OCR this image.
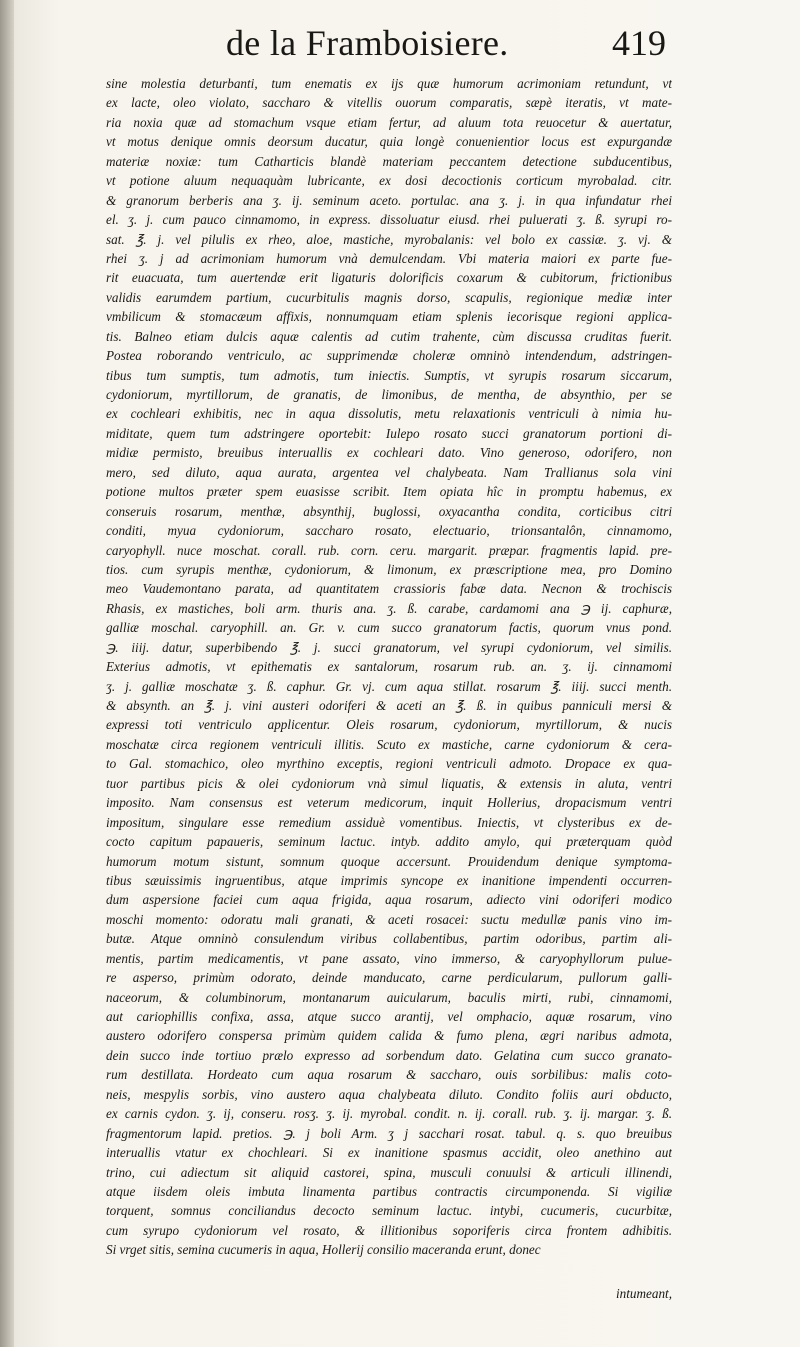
de la Framboisiere.	419
sine molestia deturbanti, tum enematis ex ijs quæ humorum acrimoniam retundunt, vt
ex lacte, oleo violato, saccharo & vitellis ouorum comparatis, sæpè iteratis, vt mate-
ria noxia quæ ad stomachum vsque etiam fertur, ad aluum tota reuocetur & auertatur,
vt motus denique omnis deorsum ducatur, quia longè conuenientior locus est expurgandæ
materiæ noxiæ: tum Catharticis blandè materiam peccantem detectione subducentibus,
vt potione aluum nequaquàm lubricante, ex dosi decoctionis corticum myrobalad. citr.
& granorum berberis ana ʒ. ij. seminum aceto. portulac. ana ʒ. j. in qua infundatur rhei
el. ʒ. j. cum pauco cinnamomo, in express. dissoluatur eiusd. rhei puluerati ʒ. ß. syrupi ro-
sat. ℥. j. vel pilulis ex rheo, aloe, mastiche, myrobalanis: vel bolo ex cassiæ. ʒ. vj. &
rhei ʒ. j ad acrimoniam humorum vnà demulcendam. Vbi materia maiori ex parte fue-
rit euacuata, tum auertendæ erit ligaturis dolorificis coxarum & cubitorum, frictionibus
validis earumdem partium, cucurbitulis magnis dorso, scapulis, regionique mediæ inter
vmbilicum & stomacæum affixis, nonnumquam etiam splenis iecorisque regioni applica-
tis. Balneo etiam dulcis aquæ calentis ad cutim trahente, cùm discussa cruditas fuerit.
Postea roborando ventriculo, ac supprimendæ choleræ omninò intendendum, adstringen-
tibus tum sumptis, tum admotis, tum iniectis. Sumptis, vt syrupis rosarum siccarum,
cydoniorum, myrtillorum, de granatis, de limonibus, de mentha, de absynthio, per se
ex cochleari exhibitis, nec in aqua dissolutis, metu relaxationis ventriculi à nimia hu-
miditate, quem tum adstringere oportebit: Iulepo rosato succi granatorum portioni di-
midiæ permisto, breuibus interuallis ex cochleari dato. Vino generoso, odorifero, non
mero, sed diluto, aqua aurata, argentea vel chalybeata. Nam Trallianus sola vini
potione multos præter spem euasisse scribit. Item opiata hîc in promptu habemus, ex
conseruis rosarum, menthæ, absynthij, buglossi, oxyacantha condita, corticibus citri
conditi, myua cydoniorum, saccharo rosato, electuario, trionsantalôn, cinnamomo,
caryophyll. nuce moschat. corall. rub. corn. ceru. margarit. præpar. fragmentis lapid. pre-
tios. cum syrupis menthæ, cydoniorum, & limonum, ex præscriptione mea, pro Domino
meo Vaudemontano parata, ad quantitatem crassioris fabæ data. Necnon & trochiscis
Rhasis, ex mastiches, boli arm. thuris ana. ʒ. ß. carabe, cardamomi ana ℈ ij. caphuræ,
galliæ moschal. caryophill. an. Gr. v. cum succo granatorum factis, quorum vnus pond.
℈. iiij. datur, superbibendo ℥. j. succi granatorum, vel syrupi cydoniorum, vel similis.
Exterius admotis, vt epithematis ex santalorum, rosarum rub. an. ʒ. ij. cinnamomi
ʒ. j. galliæ moschatæ ʒ. ß. caphur. Gr. vj. cum aqua stillat. rosarum ℥. iiij. succi menth.
& absynth. an ℥. j. vini austeri odoriferi & aceti an ℥. ß. in quibus panniculi mersi &
expressi toti ventriculo applicentur. Oleis rosarum, cydoniorum, myrtillorum, & nucis
moschatæ circa regionem ventriculi illitis. Scuto ex mastiche, carne cydoniorum & cera-
to Gal. stomachico, oleo myrthino exceptis, regioni ventriculi admoto. Dropace ex qua-
tuor partibus picis & olei cydoniorum vnà simul liquatis, & extensis in aluta, ventri
imposito. Nam consensus est veterum medicorum, inquit Hollerius, dropacismum ventri
impositum, singulare esse remedium assiduè vomentibus. Iniectis, vt clysteribus ex de-
cocto capitum papaueris, seminum lactuc. intyb. addito amylo, qui præterquam quòd
humorum motum sistunt, somnum quoque accersunt. Prouidendum denique symptoma-
tibus sæuissimis ingruentibus, atque imprimis syncope ex inanitione impendenti occurren-
dum aspersione faciei cum aqua frigida, aqua rosarum, adiecto vini odoriferi modico
moschi momento: odoratu mali granati, & aceti rosacei: suctu medullæ panis vino im-
butæ. Atque omninò consulendum viribus collabentibus, partim odoribus, partim ali-
mentis, partim medicamentis, vt pane assato, vino immerso, & caryophyllorum pulue-
re asperso, primùm odorato, deinde manducato, carne perdicularum, pullorum galli-
naceorum, & columbinorum, montanarum auicularum, baculis mirti, rubi, cinnamomi,
aut cariophillis confixa, assa, atque succo arantij, vel omphacio, aquæ rosarum, vino
austero odorifero conspersa primùm quidem calida & fumo plena, ægri naribus admota,
dein succo inde tortiuo prælo expresso ad sorbendum dato. Gelatina cum succo granato-
rum destillata. Hordeato cum aqua rosarum & saccharo, ouis sorbilibus: malis coto-
neis, mespylis sorbis, vino austero aqua chalybeata diluto. Condito foliis auri obducto,
ex carnis cydon. ʒ. ij, conseru. rosʒ. ʒ. ij. myrobal. condit. n. ij. corall. rub. ʒ. ij. margar. ʒ. ß.
fragmentorum lapid. pretios. ℈. j boli Arm. ʒ j sacchari rosat. tabul. q. s. quo breuibus
interuallis vtatur ex chochleari. Si ex inanitione spasmus accidit, oleo anethino aut
trino, cui adiectum sit aliquid castorei, spina, musculi conuulsi & articuli illinendi,
atque iisdem oleis imbuta linamenta partibus contractis circumponenda. Si vigiliæ
torquent, somnus conciliandus decocto seminum lactuc. intybi, cucumeris, cucurbitæ,
cum syrupo cydoniorum vel rosato, & illitionibus soporiferis circa frontem adhibitis.
Si vrget sitis, semina cucumeris in aqua, Hollerij consilio maceranda erunt, donec
intumeant,
